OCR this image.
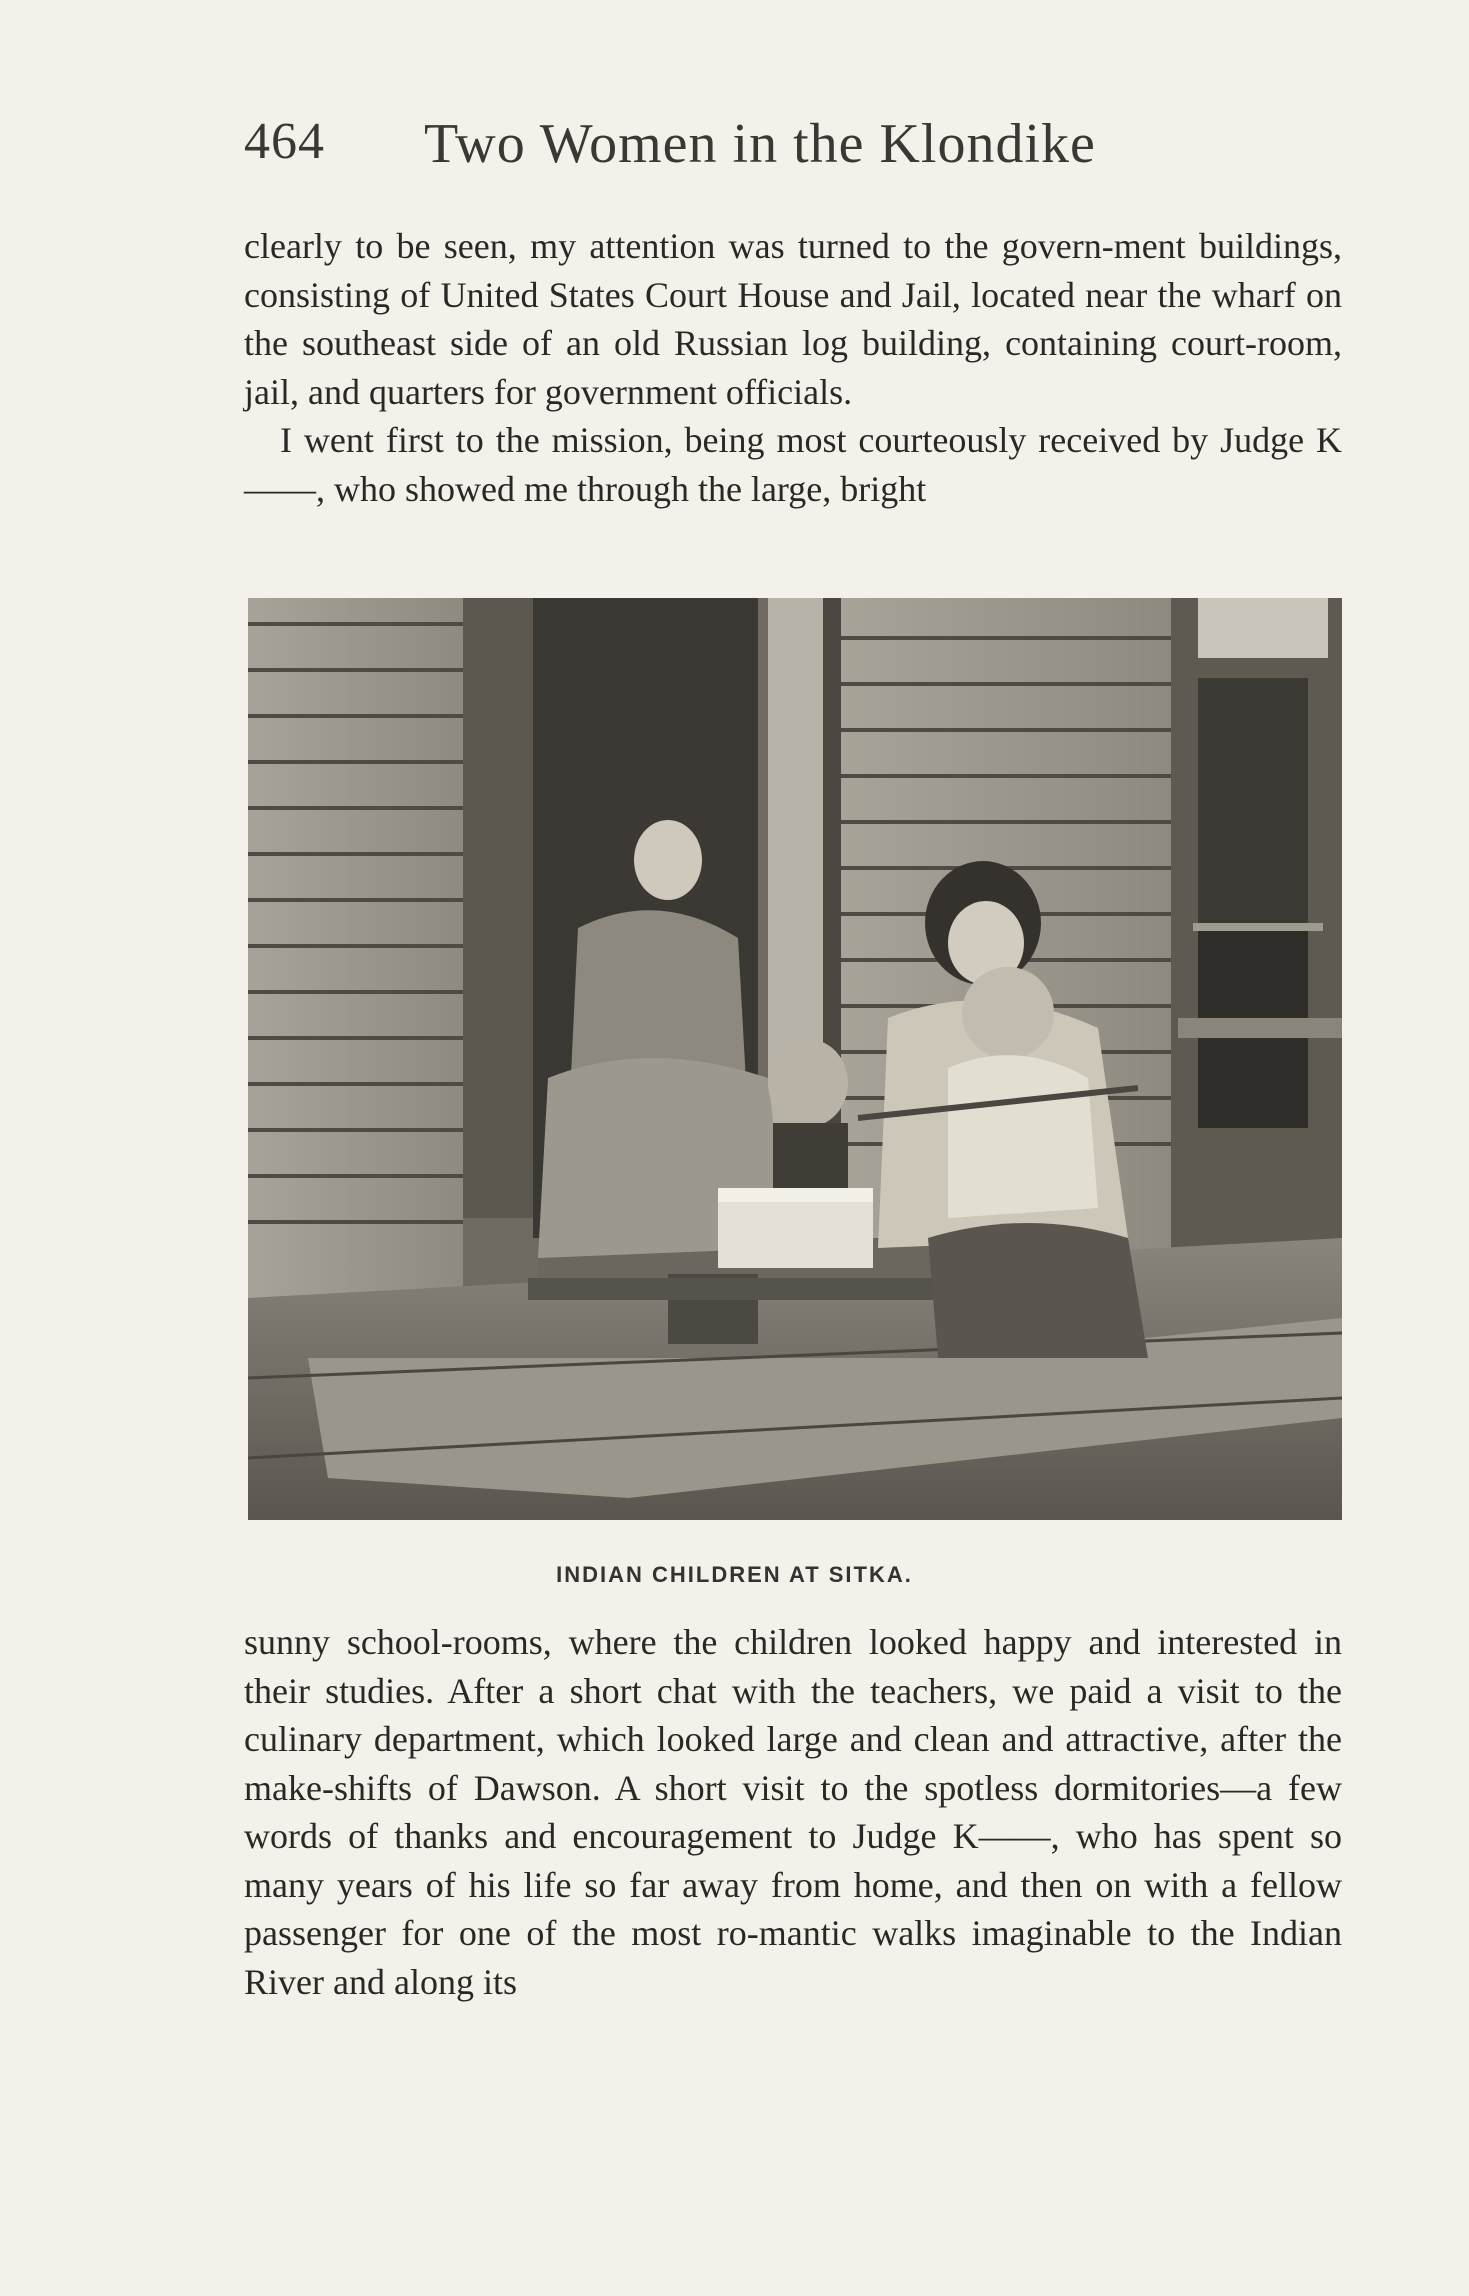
464 Two Women in the Klondike

clearly to be seen, my attention was turned to the govern-ment buildings, consisting of United States Court House and Jail, located near the wharf on the southeast side of an old Russian log building, containing court-room, jail, and quarters for government officials.

I went first to the mission, being most courteously received by Judge K——, who showed me through the large, bright

INDIAN CHILDREN AT SITKA.

sunny school-rooms, where the children looked happy and interested in their studies. After a short chat with the teachers, we paid a visit to the culinary department, which looked large and clean and attractive, after the make-shifts of Dawson. A short visit to the spotless dormitories—a few words of thanks and encouragement to Judge K——, who has spent so many years of his life so far away from home, and then on with a fellow passenger for one of the most ro-mantic walks imaginable to the Indian River and along its
